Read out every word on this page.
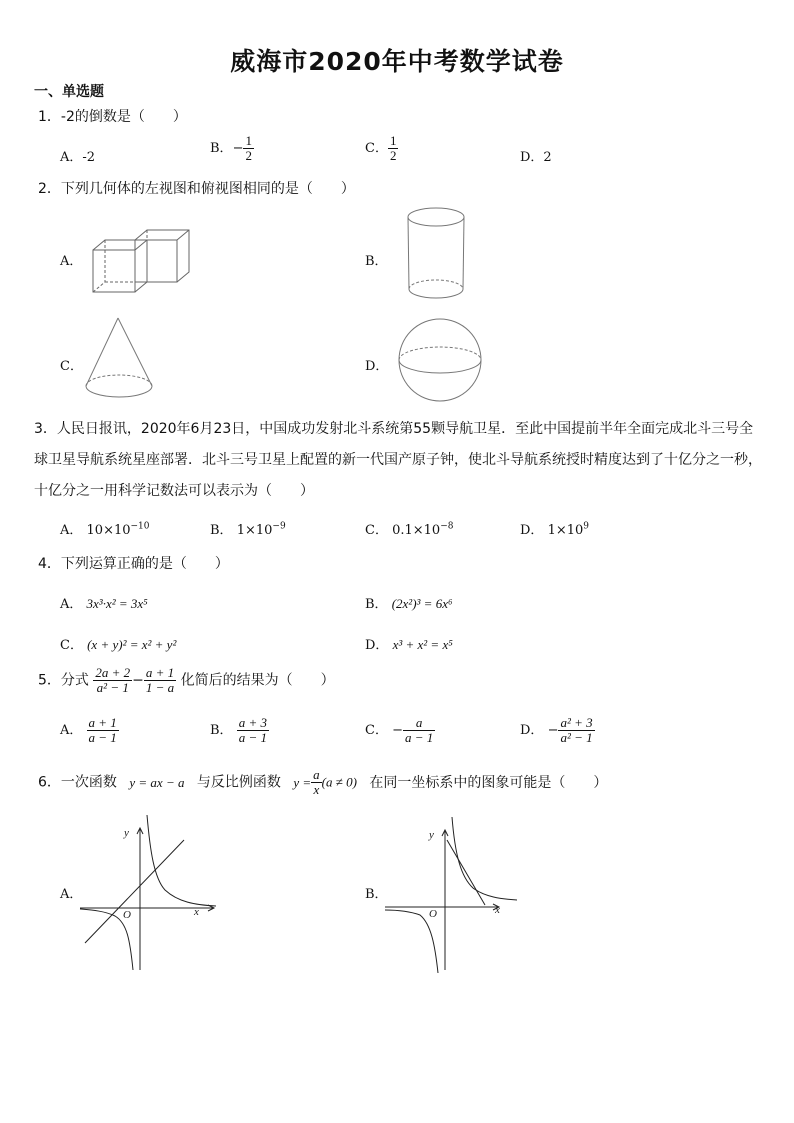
威海市2020年中考数学试卷
一、单选题
1．-2的倒数是（　　）
A．-2
B．− $\frac{1}{2}$	C． $\frac{1}{2}$	D．2
2．下列几何体的左视图和俯视图相同的是（　　）
A．	B．
C．	D．
3．人民日报讯，2020年6月23日，中国成功发射北斗系统第55颗导航卫星．至此中国提前半年全面完成北斗三号全球卫星导航系统星座部署．北斗三号卫星上配置的新一代国产原子钟，使北斗导航系统授时精度达到了十亿分之一秒，十亿分之一用科学记数法可以表示为（　　）
A． $10\times 10^{-10}$	B． $1\times 10^{-9}$	C． $0.1\times 10^{-8}$	D． $1\times 10^9$
4．下列运算正确的是（　　）
A． 3x³·x² = 3x⁵	B． (2x²)³ = 6x⁶
C． (x + y)² = x² + y²	D． x³ + x² = x⁵
5．分式 $\frac{2a + 2}{\text{a² − 1}} - \frac{a + 1}{1 - a}$ 化简后的结果为（　　）
A． $\frac{a + 1}{a - 1}$	B． $\frac{a + 3}{a - 1}$	C． − $\frac{a}{a - 1}$	D． − $\frac{\text{a² + 3}}{\text{a² − 1}}$
6．一次函数 y = ax − a 与反比例函数 $y = \frac{a}{x} (a \ne 0)$ 在同一坐标系中的图象可能是（　　）
A．	B．
y
x
O
y
x
O
